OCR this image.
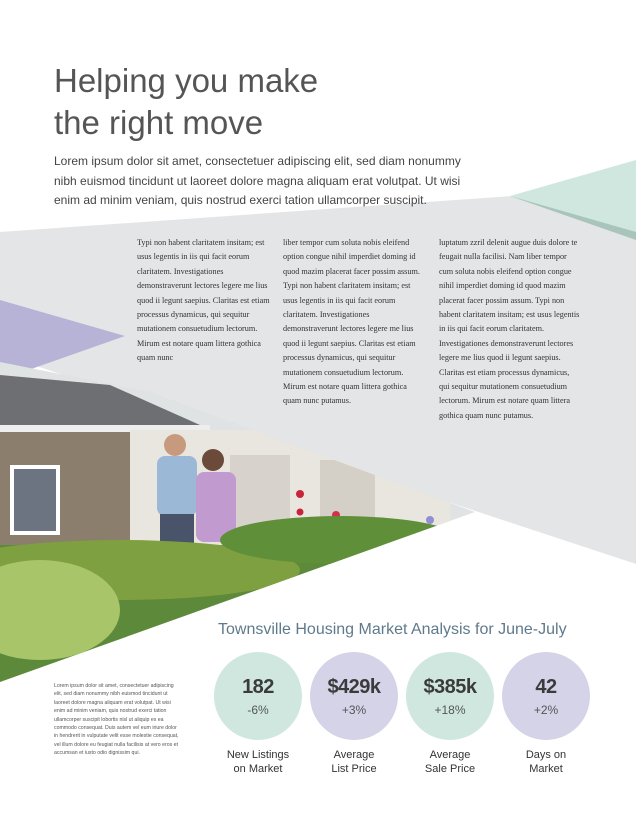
Helping you make
the right move
Lorem ipsum dolor sit amet, consectetuer adipiscing elit, sed diam nonummy nibh euismod tincidunt ut laoreet dolore magna aliquam erat volutpat. Ut wisi enim ad minim veniam, quis nostrud exerci tation ullamcorper suscipit.
Typi non habent claritatem insitam; est usus legentis in iis qui facit eorum claritatem. Investigationes demonstraverunt lectores legere me lius quod ii legunt saepius. Claritas est etiam processus dynamicus, qui sequitur mutationem consuetudium lectorum. Mirum est notare quam littera gothica quam nunc
liber tempor cum soluta nobis eleifend option congue nihil imperdiet doming id quod mazim placerat facer possim assum. Typi non habent claritatem insitam; est usus legentis in iis qui facit eorum claritatem. Investigationes demonstraverunt lectores legere me lius quod ii legunt saepius. Claritas est etiam processus dynamicus, qui sequitur mutationem consuetudium lectorum. Mirum est notare quam littera gothica quam nunc putamus.
luptatum zzril delenit augue duis dolore te feugait nulla facilisi. Nam liber tempor cum soluta nobis eleifend option congue nihil imperdiet doming id quod mazim placerat facer possim assum. Typi non habent claritatem insitam; est usus legentis in iis qui facit eorum claritatem. Investigationes demonstraverunt lectores legere me lius quod ii legunt saepius. Claritas est etiam processus dynamicus, qui sequitur mutationem consuetudium lectorum. Mirum est notare quam littera gothica quam nunc putamus.
Townsville Housing Market Analysis for June-July
Lorem ipsum dolor sit amet, consectetuer adipiscing elit, sed diam nonummy nibh euismod tincidunt ut laoreet dolore magna aliquam erat volutpat. Ut wisi enim ad minim veniam, quis nostrud exerci tation ullamcorper suscipit lobortis nisl ut aliquip ex ea commodo consequat. Duis autem vel eum iriure dolor in hendrerit in vulputate velit esse molestie consequat, vel illum dolore eu feugiat nulla facilisis at vero eros et accumsan et iusto odio dignissim qui.
182
-6%
New Listings
on Market
$429k
+3%
Average
List Price
$385k
+18%
Average
Sale Price
42
+2%
Days on
Market
